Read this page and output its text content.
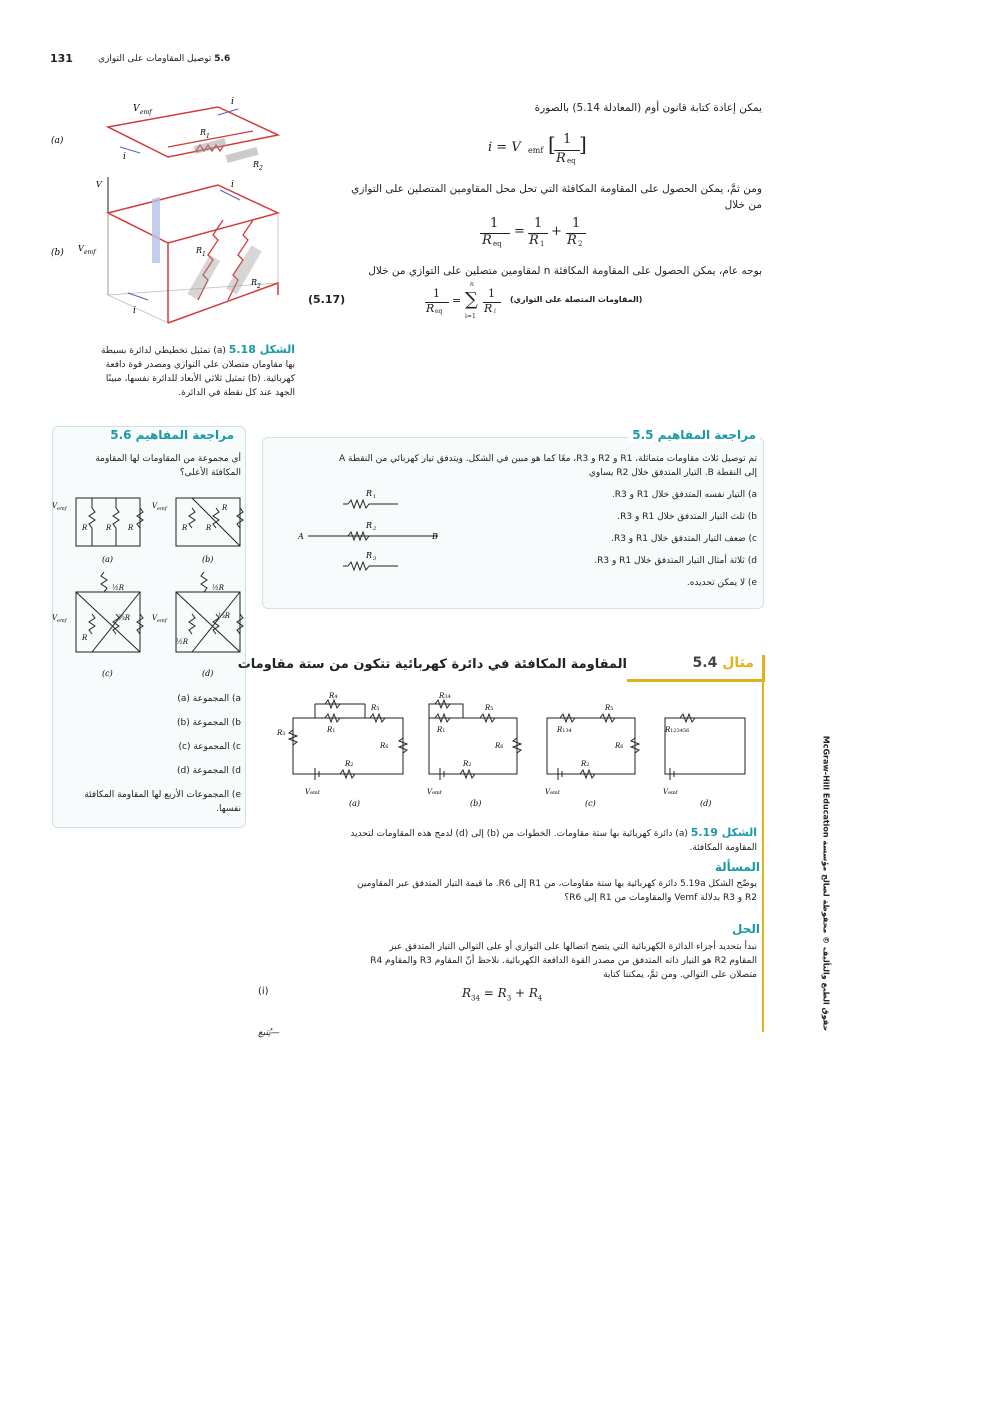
131	5.6 توصيل المقاومات على التوازي
يمكن إعادة كتابة قانون أوم (المعادلة 5.14) بالصورة
i = V emf [ 1
R eq
]
ومن ثمَّ، يمكن الحصول على المقاومة المكافئة التي تحل محل المقاومين المتصلين على التوازي
من خلال
1
R eq
=
1
R 1
+
1
R 2
بوجه عام، يمكن الحصول على المقاومة المكافئة n لمقاومين متصلين على التوازي من خلال
(5.17)	1
R eq
= ∑
n
i=1
1
R i
(المقاومات المتصلة على التوازي)
(a)
(b)
V emf
i
i
R 1
R 2
V
V emf	R 1
R 2
i
i
الشكل 5.18 (a) تمثيل تخطيطي لدائرة بسيطة
بها مقاومان متصلان على التوازي ومصدر قوة دافعة
كهربائية. (b) تمثيل ثلاثي الأبعاد للدائرة نفسها، مبينًا
الجهد عند كل نقطة في الدائرة.
مراجعة المفاهيم 5.6
أي مجموعة من المقاومات لها المقاومة
المكافئة الأعلى؟
V emf	V emf
V emf	V emf
R	R R	R	R
R
½R	½R
R
⅔R
½R
⅓R
(a)	(b)
(c)	(d)
a) المجموعة (a)
b) المجموعة (b)
c) المجموعة (c)
d) المجموعة (d)
e) المجموعات الأربع لها المقاومة المكافئة
نفسها.
مراجعة المفاهيم 5.5
تم توصيل ثلاث مقاومات متماثلة، R1 و R2 و R3، معًا كما هو مبين في الشكل. ويتدفق تيار كهربائي من النقطة A
إلى النقطة B. التيار المتدفق خلال R2 يساوي
a) التيار نفسه المتدفق خلال R1 و R3.
b) ثلث التيار المتدفق خلال R1 و R3.
c) ضعف التيار المتدفق خلال R1 و R3.
d) ثلاثة أمثال التيار المتدفق خلال R1 و R3.
e) لا يمكن تحديده.
A	B
R 1
R 2
R 3
مثال 5.4
المقاومة المكافئة في دائرة كهربائية تتكون من ستة مقاومات
R4
R5
R1
R3
R6
R2
Vemf
R34
R5
R1
R6
R2
Vemf
R134
R5
R6
R2
Vemf
R123456
Vemf
(a)	(b)	(c)	(d)
الشكل 5.19 (a) دائرة كهربائية بها ستة مقاومات. الخطوات من (b) إلى (d) لدمج هذه المقاومات لتحديد
المقاومة المكافئة.
المسألة
يوضّح الشكل 5.19a دائرة كهربائية بها ستة مقاومات، من R1 إلى R6. ما قيمة التيار المتدفق عبر المقاومين
R2 و R3 بدلالة Vemf والمقاومات من R1 إلى R6؟
الحل
نبدأ بتحديد أجزاء الدائرة الكهربائية التي يتضح اتصالها على التوازي أو على التوالي التيار المتدفق عبر
المقاوم R2 هو التيار ذاته المتدفق من مصدر القوة الدافعة الكهربائية. نلاحظ أنّ المقاوم R3 والمقاوم R4
متصلان على التوالي. ومن ثمَّ، يمكننا كتابة
(i)	$R_{34} = R_3 + R_4$
يُتبع—
حقوق الطبع والتأليف © محفوظة لصالح مؤسسة McGraw-Hill Education
